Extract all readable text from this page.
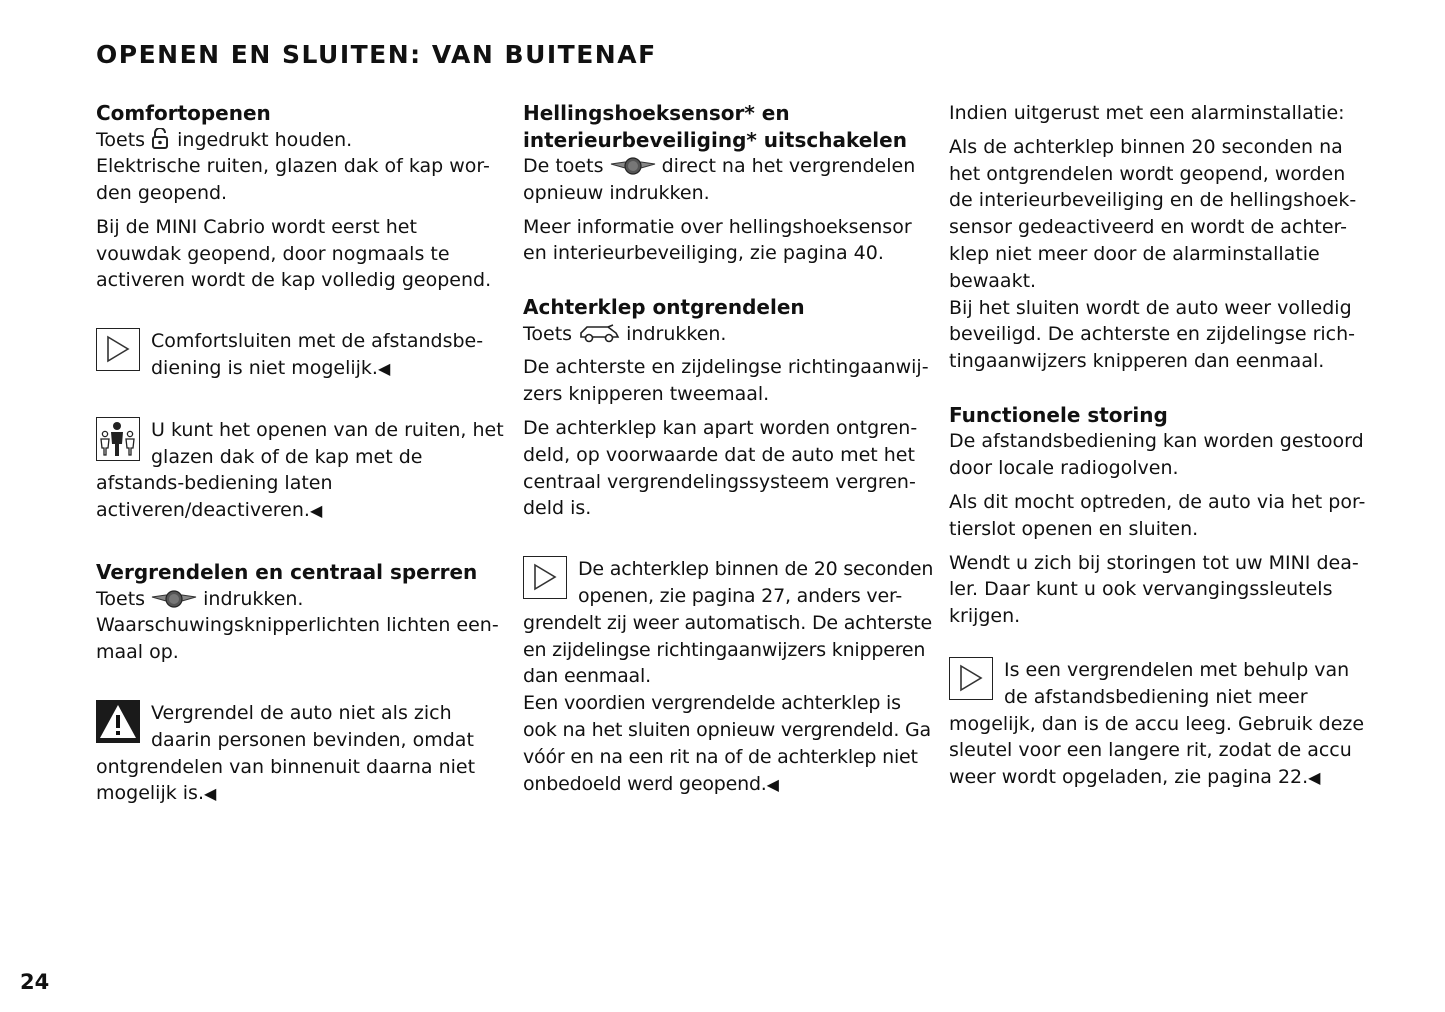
OPENEN EN SLUITEN: VAN BUITENAF
Comfortopenen

Toets ingedrukt houden.
Elektrische ruiten, glazen dak of kap wor-den geopend.

Bij de MINI Cabrio wordt eerst het vouwdak geopend, door nogmaals te activeren wordt de kap volledig geopend.

Comfortsluiten met de afstandsbe-diening is niet mogelijk.◀

U kunt het openen van de ruiten, het glazen dak of de kap met de afstands-bediening laten activeren/deactiveren.◀

Vergrendelen en centraal sperren

Toets	indrukken.
Waarschuwingsknipperlichten lichten een-maal op.

Vergrendel de auto niet als zich daarin personen bevinden, omdat ontgrendelen van binnenuit daarna niet mogelijk is.◀

Hellingshoeksensor* en interieurbeveiliging* uitschakelen

De toets	direct na het vergrendelen opnieuw indrukken.

Meer informatie over hellingshoeksensor en interieurbeveiliging, zie pagina 40.

Achterklep ontgrendelen

Toets	indrukken.

De achterste en zijdelingse richtingaanwij-zers knipperen tweemaal.

De achterklep kan apart worden ontgren-deld, op voorwaarde dat de auto met het centraal vergrendelingssysteem vergren-deld is.

De achterklep binnen de 20 seconden openen, zie pagina 27, anders ver-grendelt zij weer automatisch. De achterste en zijdelingse richtingaanwijzers knipperen dan eenmaal.
Een voordien vergrendelde achterklep is ook na het sluiten opnieuw vergrendeld. Ga vóór en na een rit na of de achterklep niet onbedoeld werd geopend.◀

Indien uitgerust met een alarminstallatie:

Als de achterklep binnen 20 seconden na het ontgrendelen wordt geopend, worden de interieurbeveiliging en de hellingshoek-sensor gedeactiveerd en wordt de achter-klep niet meer door de alarminstallatie bewaakt.
Bij het sluiten wordt de auto weer volledig beveiligd. De achterste en zijdelingse rich-tingaanwijzers knipperen dan eenmaal.

Functionele storing

De afstandsbediening kan worden gestoord door locale radiogolven.

Als dit mocht optreden, de auto via het por-tierslot openen en sluiten.

Wendt u zich bij storingen tot uw MINI dea-ler. Daar kunt u ook vervangingssleutels krijgen.

Is een vergrendelen met behulp van de afstandsbediening niet meer mogelijk, dan is de accu leeg. Gebruik deze sleutel voor een langere rit, zodat de accu weer wordt opgeladen, zie pagina 22.◀

24
